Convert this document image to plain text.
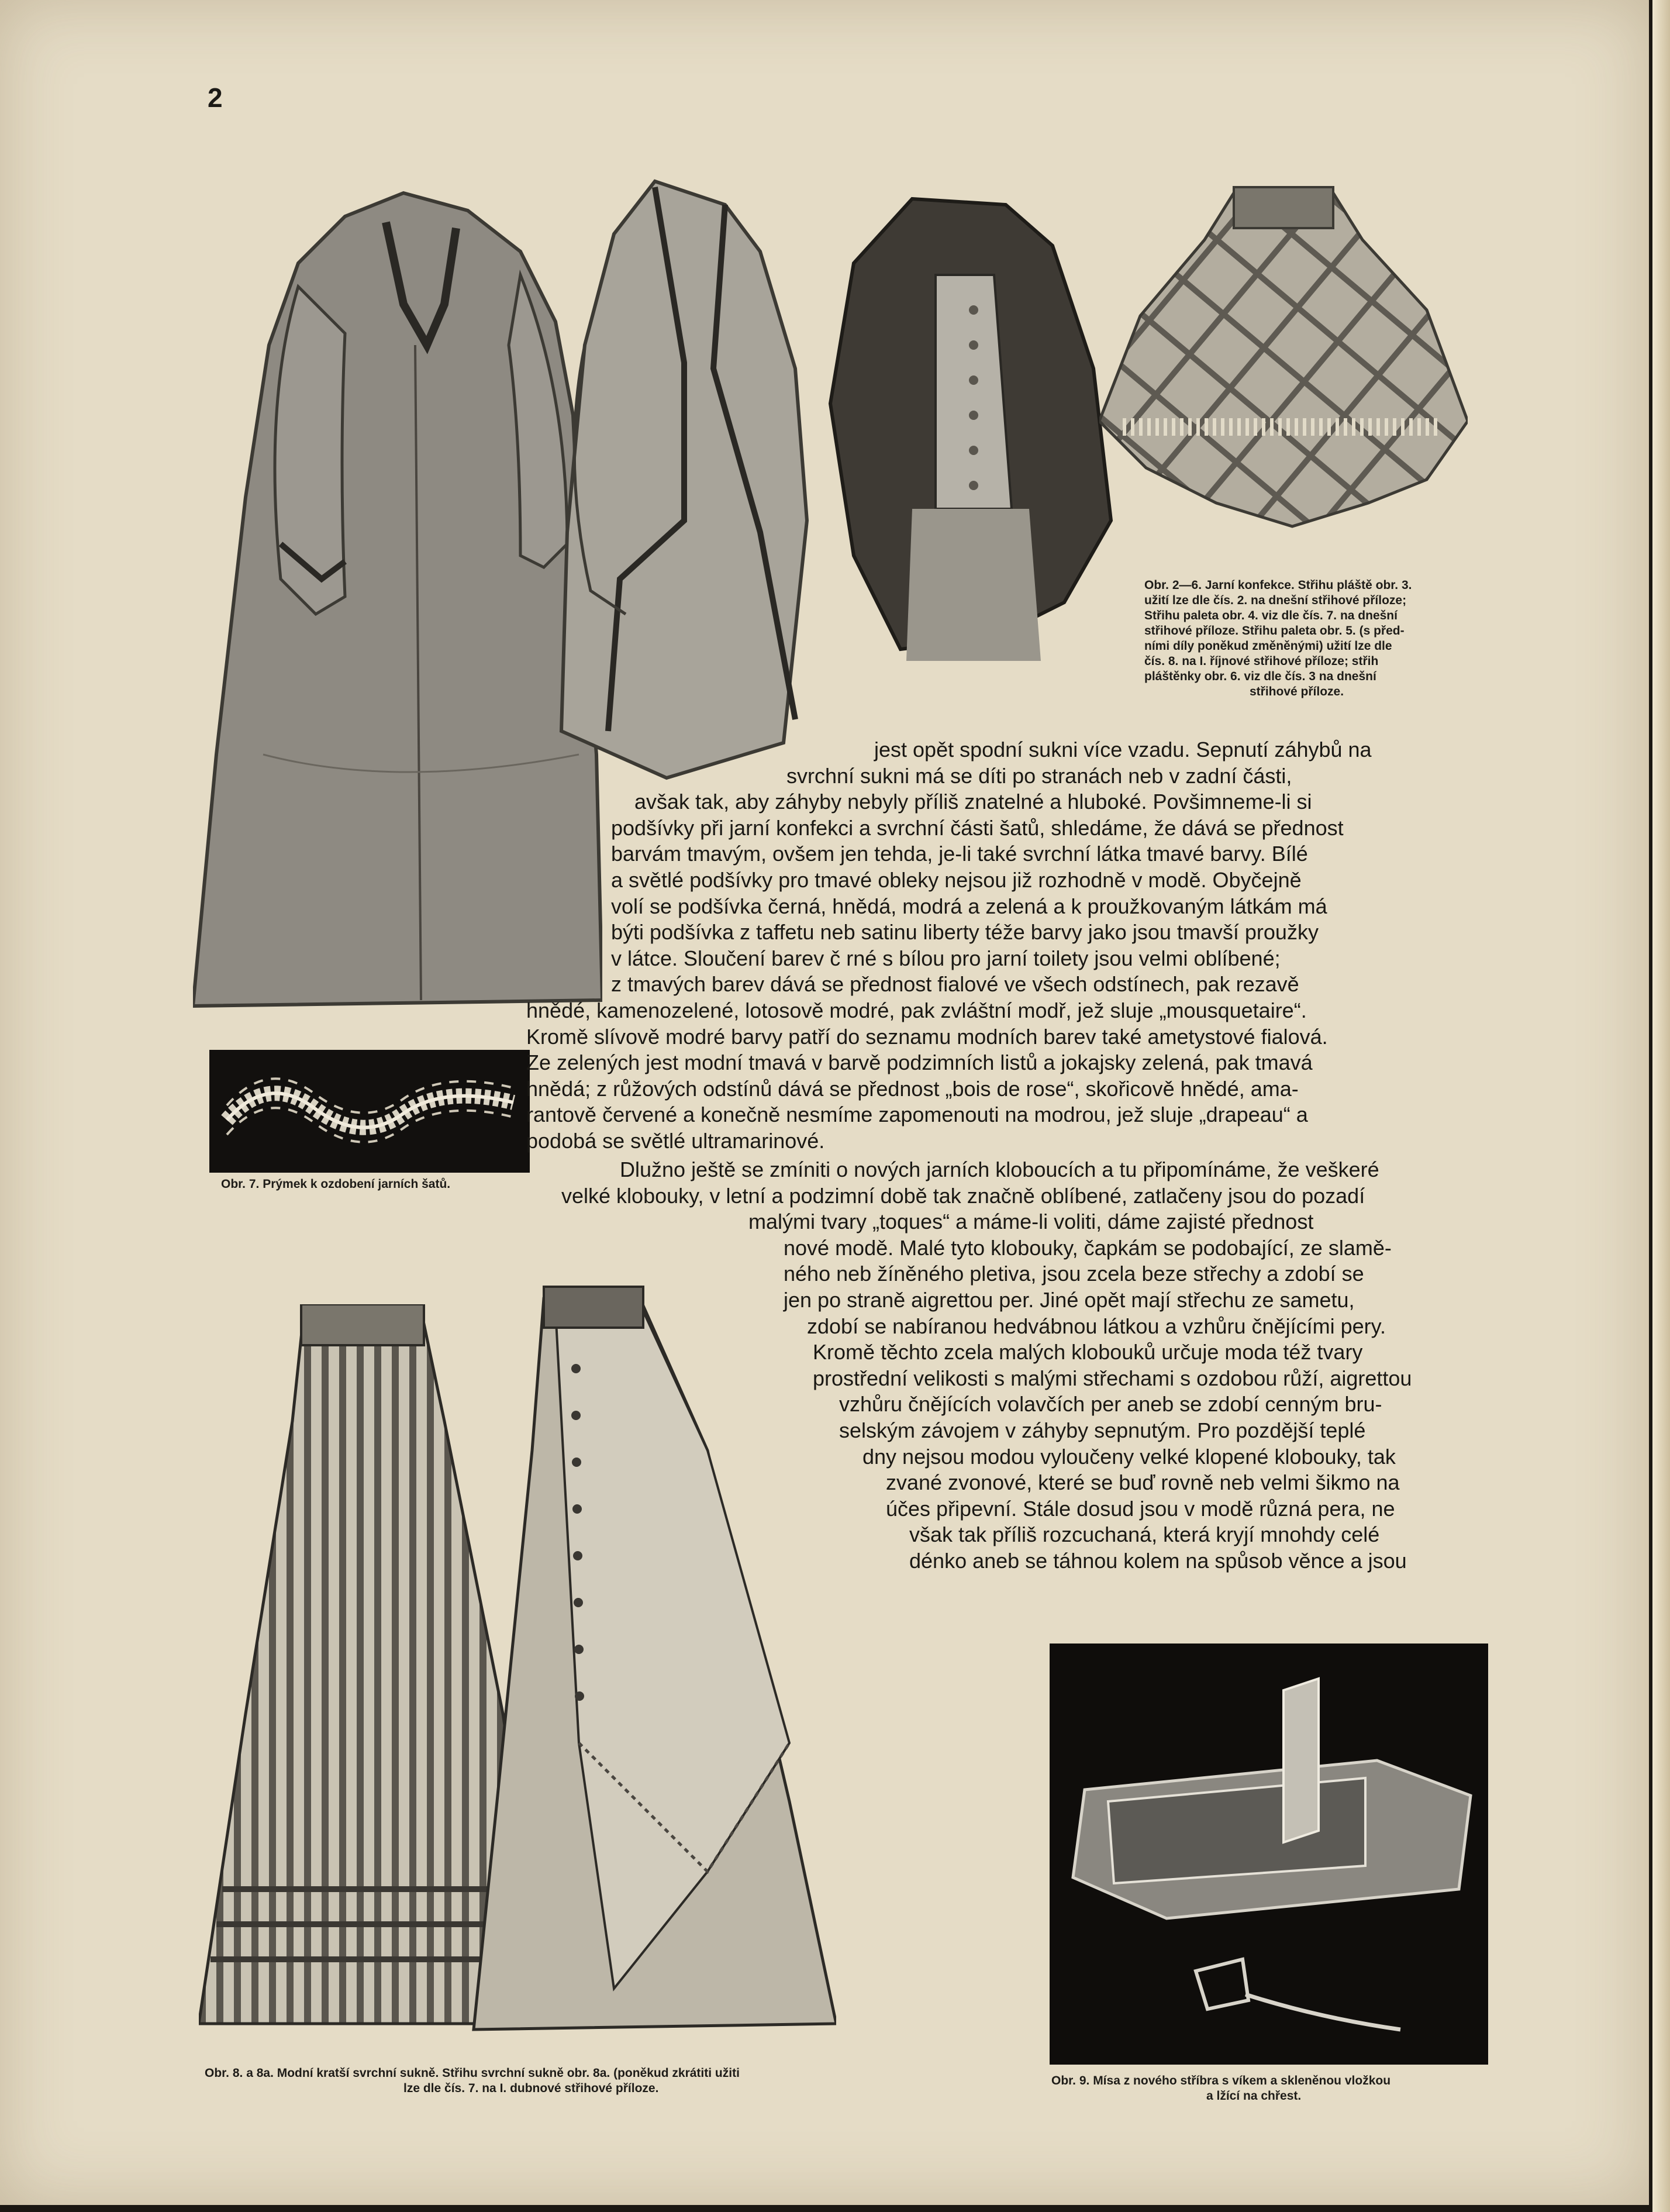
2
Obr. 2—6. Jarní konfekce. Střihu pláště obr. 3.
užití lze dle čís. 2. na dnešní střihové příloze;
Střihu paleta obr. 4. viz dle čís. 7. na dnešní
střihové příloze. Střihu paleta obr. 5. (s před-
ními díly poněkud změněnými) užití lze dle
čís. 8. na I. říjnové střihové příloze; střih
pláštěnky obr. 6. viz dle čís. 3 na dnešní
střihové příloze.
Obr. 7. Prýmek k ozdobení jarních šatů.
Obr. 8. a 8a. Modní kratší svrchní sukně. Střihu svrchní sukně obr. 8a. (poněkud zkrátiti užiti
lze dle čís. 7. na I. dubnové střihové příloze.
Obr. 9. Mísa z nového stříbra s víkem a skleněnou vložkou
a lžící na chřest.
jest opět spodní sukni více vzadu. Sepnutí záhybů na
svrchní sukni má se díti po stranách neb v zadní části,
avšak tak, aby záhyby nebyly příliš znatelné a hluboké. Povšimneme-li si
podšívky při jarní konfekci a svrchní části šatů, shledáme, že dává se přednost
barvám tmavým, ovšem jen tehda, je-li také svrchní látka tmavé barvy. Bílé
a světlé podšívky pro tmavé oblеky nejsou již rozhodně v modě. Obyčejně
volí se podšívka černá, hnědá, modrá a zelená a k proužkovaným látkám má
býti podšívka z taffetu neb satinu liberty téže barvy jako jsou tmavší proužky
v látce. Sloučení barev č rné s bílou pro jarní toilety jsou velmi oblíbené;
z tmavých barev dává se přednost fialové ve všech odstínech, pak rezavě
hnědé, kamenozelené, lotosově modré, pak zvláštní modř, jež sluje „mousquetaire“.
Kromě slívově modré barvy patří do seznamu modních barev také ametystové fialová.
Ze zelených jest modní tmavá v barvě podzimních listů a jokajsky zelená, pak tmavá
hnědá; z růžových odstínů dává se přednost „bois de rose“, skořicově hnědé, ama-
rantově červené a konečně nesmíme zapomenouti na modrou, jež sluje „drapeau“ a
podobá se světlé ultramarinové.
Dlužno ještě se zmíniti o nových jarních kloboucích a tu připomínáme, že veškeré
velké klobouky, v letní a podzimní době tak značně oblíbené, zatlačeny jsou do pozadí
malými tvary „toques“ a máme-li voliti, dáme zajisté přednost
nové modě. Malé tyto klobouky, čapkám se podobající, ze slamě-
ného neb žíněného pletiva, jsou zcela beze střechy a zdobí se
jen po straně aigrettou per. Jiné opět mají střechu ze sametu,
zdobí se nabíranou hedvábnou látkou a vzhůru čnějícími pery.
Kromě těchto zcela malých klobouků určuje moda též tvary
prostřední velikosti s malými střechami s ozdobou růží, aigrettou
vzhůru čnějících volavčích per aneb se zdobí cenným bru-
selským závojem v záhyby sepnutým. Pro pozdější teplé
dny nejsou modou vyloučeny velké klopené klobouky, tak
zvané zvonové, které se buď rovně neb velmi šikmo na
účes připevní. Stále dosud jsou v modě různá pera, ne
však tak příliš rozcuchaná, která kryjí mnohdy celé
dénko aneb se táhnou kolem na spůsob věnce a jsou
